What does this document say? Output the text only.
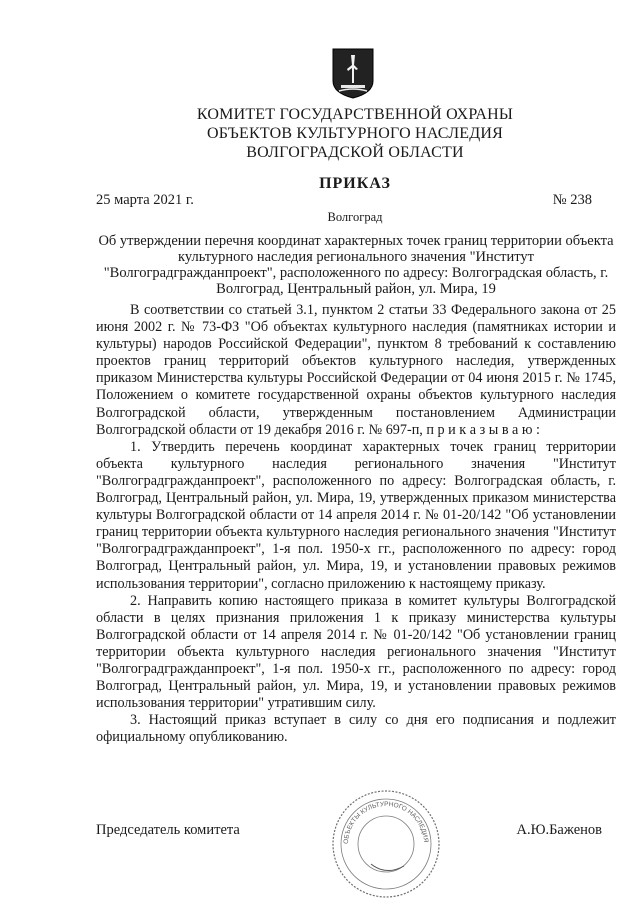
КОМИТЕТ ГОСУДАРСТВЕННОЙ ОХРАНЫ
ОБЪЕКТОВ КУЛЬТУРНОГО НАСЛЕДИЯ
ВОЛГОГРАДСКОЙ ОБЛАСТИ
ПРИКАЗ
25 марта 2021 г.	№ 238
Волгоград
Об утверждении перечня координат характерных точек границ территории объекта культурного наследия регионального значения "Институт "Волгоградгражданпроект", расположенного по адресу: Волгоградская область, г. Волгоград, Центральный район, ул. Мира, 19

В соответствии со статьей 3.1, пунктом 2 статьи 33 Федерального закона от 25 июня 2002 г. № 73-ФЗ "Об объектах культурного наследия (памятниках истории и культуры) народов Российской Федерации", пунктом 8 требований к составлению проектов границ территорий объектов культурного наследия, утвержденных приказом Министерства культуры Российской Федерации от 04 июня 2015 г. № 1745, Положением о комитете государственной охраны объектов культурного наследия Волгоградской области, утвержденным постановлением Администрации Волгоградской области от 19 декабря 2016 г. № 697-п, п р и к а з ы в а ю :

1. Утвердить перечень координат характерных точек границ территории объекта культурного наследия регионального значения "Институт "Волгоградгражданпроект", расположенного по адресу: Волгоградская область, г. Волгоград, Центральный район, ул. Мира, 19, утвержденных приказом министерства культуры Волгоградской области от 14 апреля 2014 г. № 01-20/142 "Об установлении границ территории объекта культурного наследия регионального значения "Институт "Волгоградгражданпроект", 1-я пол. 1950-х гг., расположенного по адресу: город Волгоград, Центральный район, ул. Мира, 19, и установлении правовых режимов использования территории", согласно приложению к настоящему приказу.

2. Направить копию настоящего приказа в комитет культуры Волгоградской области в целях признания приложения 1 к приказу министерства культуры Волгоградской области от 14 апреля 2014 г. № 01-20/142 "Об установлении границ территории объекта культурного наследия регионального значения "Институт "Волгоградгражданпроект", 1-я пол. 1950-х гг., расположенного по адресу: город Волгоград, Центральный район, ул. Мира, 19, и установлении правовых режимов использования территории" утратившим силу.

3. Настоящий приказ вступает в силу со дня его подписания и подлежит официальному опубликованию.

Председатель комитета	А.Ю.Баженов
ОБЪЕКТЫ КУЛЬТУРНОГО НАСЛЕДИЯ
